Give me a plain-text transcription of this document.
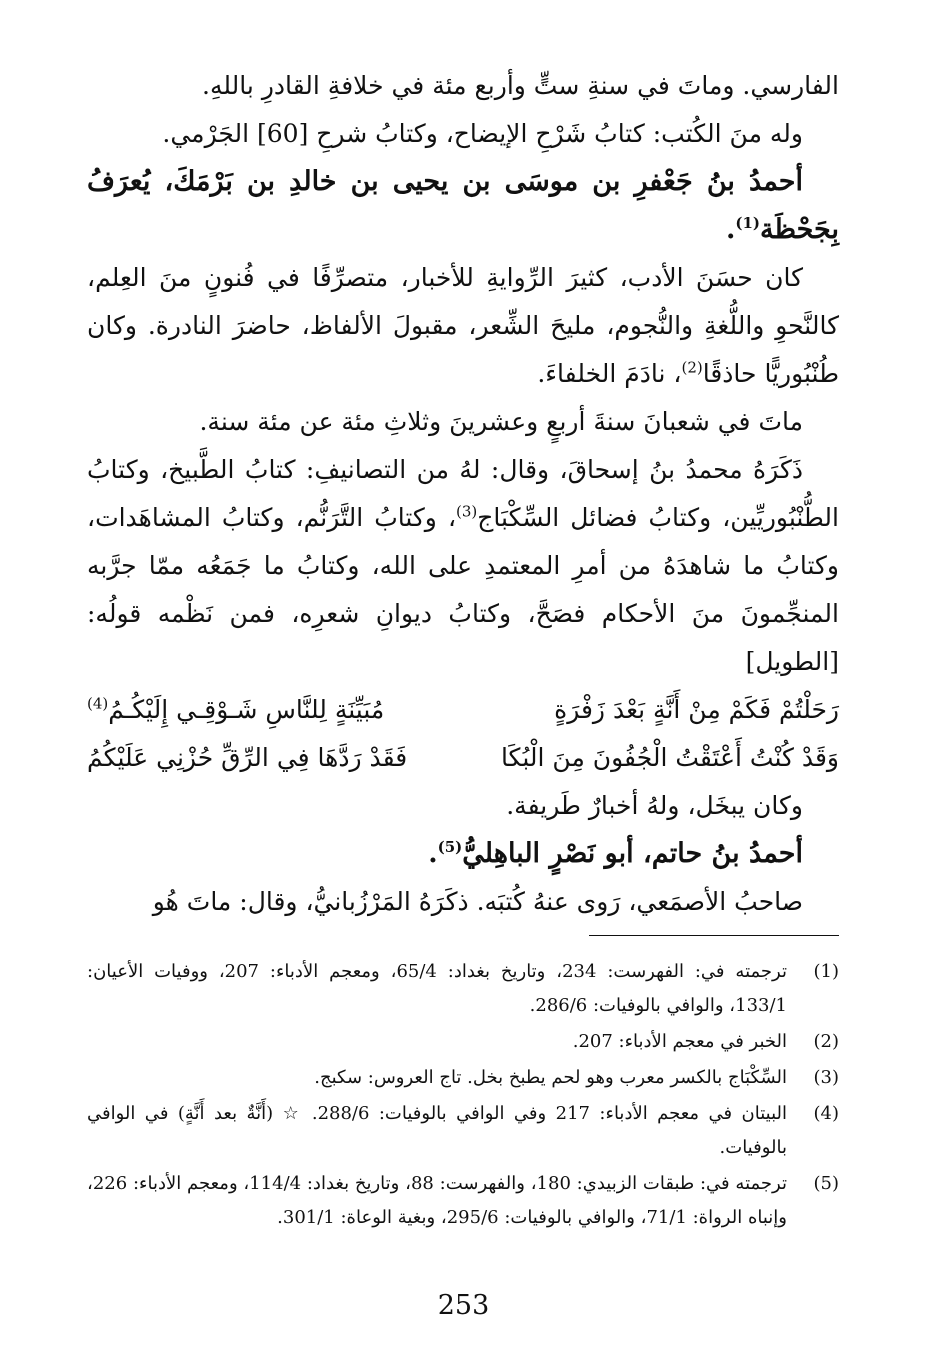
الفارسي. وماتَ في سنةِ ستٍّ وأربع مئة في خلافةِ القادرِ باللهِ.

وله منَ الكُتب: كتابُ شَرْحِ الإيضاح، وكتابُ شرحِ [60] الجَرْمي.

أحمدُ بنُ جَعْفرِ بن موسَى بن يحيى بن خالدِ بن بَرْمَكَ، يُعرَفُ بِجَحْظَة$^{(1)}$.

كان حسَنَ الأدب، كثيرَ الرِّوايةِ للأخبار، متصرِّفًا في فُنونٍ منَ العِلم، كالنَّحوِ واللُّغةِ والنُّجوم، مليحَ الشِّعر، مقبولَ الألفاظ، حاضرَ النادرة. وكان طُنْبُوريًّا حاذقًا$^{(2)}$، نادَمَ الخلفاءَ.

ماتَ في شعبانَ سنةَ أربعٍ وعشرينَ وثلاثِ مئة عن مئة سنة.

ذَكَرَهُ محمدُ بنُ إسحاقَ، وقال: لهُ من التصانيفِ: كتابُ الطَّبيخ، وكتابُ الطُّنْبُوريِّين، وكتابُ فضائل السِّكْبَاج$^{(3)}$، وكتابُ التَّرَنُّم، وكتابُ المشاهَدات، وكتابُ ما شاهدَهُ من أمرِ المعتمدِ على الله، وكتابُ ما جَمَعُه ممّا جرَّبه المنجِّمونَ منَ الأحكام فصَحَّ، وكتابُ ديوانِ شعرِه، فمن نَظْمه قولُه: [الطويل]

رَحَلْتُمْ فَكَمْ مِنْ أَنَّةٍ بَعْدَ زَفْرَةٍ
مُبَيِّنَةٍ لِلنَّاسِ شَـوْقِـي إِلَيْكُـمُ$^{(4)}$
وَقَدْ كُنْتُ أَعْتَقْتُ الْجُفُونَ مِنَ الْبُكَا
فَقَدْ رَدَّهَا فِي الرِّقِّ حُزْنِي عَلَيْكُمُ

وكان يبخَل، ولهُ أخبارٌ طَريفة.

أحمدُ بنُ حاتم، أبو نَصْرٍ الباهِليُّ$^{(5)}$.

صاحبُ الأصمَعي، رَوى عنهُ كُتبَه. ذكَرَهُ المَرْزُبانيُّ، وقال: ماتَ هُو

(1)
ترجمته في: الفهرست: 234، وتاريخ بغداد: 65/4، ومعجم الأدباء: 207، ووفيات الأعيان: 133/1، والوافي بالوفيات: 286/6.
(2)
الخبر في معجم الأدباء: 207.
(3)
السِّكْبَاج بالكسر معرب وهو لحم يطبخ بخل. تاج العروس: سكبج.
(4)
البيتان في معجم الأدباء: 217 وفي الوافي بالوفيات: 288/6. ☆ (أَنَّةٌ بعد أَنَّةٍ) في الوافي بالوفيات.
(5)
ترجمته في: طبقات الزبيدي: 180، والفهرست: 88، وتاريخ بغداد: 114/4، ومعجم الأدباء: 226، وإنباه الرواة: 71/1، والوافي بالوفيات: 295/6، وبغية الوعاة: 301/1.
253
